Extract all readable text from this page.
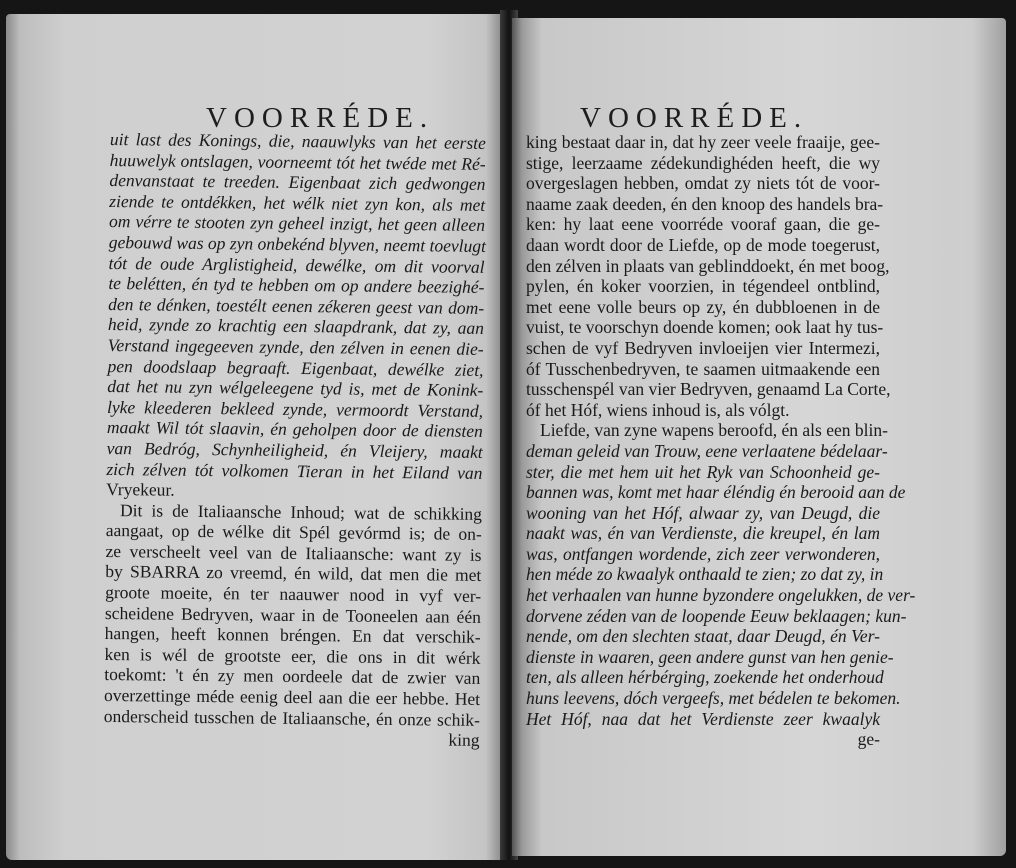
VOORRÉDE.
uit last des Konings, die, naauwlyks van het eerste
huuwelyk ontslagen, voorneemt tót het twéde met Ré-
denvanstaat te treeden. Eigenbaat zich gedwongen
ziende te ontdékken, het wélk niet zyn kon, als met
om vérre te stooten zyn geheel inzigt, het geen alleen
gebouwd was op zyn onbekénd blyven, neemt toevlugt
tót de oude Arglistigheid, dewélke, om dit voorval
te belétten, én tyd te hebben om op andere beezighé-
den te dénken, toestélt eenen zékeren geest van dom-
heid, zynde zo krachtig een slaapdrank, dat zy, aan
Verstand ingegeeven zynde, den zélven in eenen die-
pen doodslaap begraaft. Eigenbaat, dewélke ziet,
dat het nu zyn wélgeleegene tyd is, met de Konink-
lyke kleederen bekleed zynde, vermoordt Verstand,
maakt Wil tót slaavin, én geholpen door de diensten
van Bedróg, Schynheiligheid, én Vleijery, maakt
zich zélven tót volkomen Tieran in het Eiland van
Vryekeur.
Dit is de Italiaansche Inhoud; wat de schikking
aangaat, op de wélke dit Spél gevórmd is; de on-
ze verscheelt veel van de Italiaansche: want zy is
by SBARRA zo vreemd, én wild, dat men die met
groote moeite, én ter naauwer nood in vyf ver-
scheidene Bedryven, waar in de Tooneelen aan één
hangen, heeft konnen bréngen. En dat verschik-
ken is wél de grootste eer, die ons in dit wérk
toekomt: 't én zy men oordeele dat de zwier van
overzettinge méde eenig deel aan die eer hebbe. Het
onderscheid tusschen de Italiaansche, én onze schik-
king
VOORRÉDE.
king bestaat daar in, dat hy zeer veele fraaije, gee-
stige, leerzaame zédekundighéden heeft, die wy
overgeslagen hebben, omdat zy niets tót de voor-
naame zaak deeden, én den knoop des handels bra-
ken: hy laat eene voorréde vooraf gaan, die ge-
daan wordt door de Liefde, op de mode toegerust,
den zélven in plaats van geblinddoekt, én met boog,
pylen, én koker voorzien, in tégendeel ontblind,
met eene volle beurs op zy, én dubbloenen in de
vuist, te voorschyn doende komen; ook laat hy tus-
schen de vyf Bedryven invloeijen vier Intermezi,
óf Tusschenbedryven, te saamen uitmaakende een
tusschenspél van vier Bedryven, genaamd La Corte,
óf het Hóf, wiens inhoud is, als vólgt.
Liefde, van zyne wapens beroofd, én als een blin-
deman geleid van Trouw, eene verlaatene bédelaar-
ster, die met hem uit het Ryk van Schoonheid ge-
bannen was, komt met haar éléndig én berooid aan de
wooning van het Hóf, alwaar zy, van Deugd, die
naakt was, én van Verdienste, die kreupel, én lam
was, ontfangen wordende, zich zeer verwonderen,
hen méde zo kwaalyk onthaald te zien; zo dat zy, in
het verhaalen van hunne byzondere ongelukken, de ver-
dorvene zéden van de loopende Eeuw beklaagen; kun-
nende, om den slechten staat, daar Deugd, én Ver-
dienste in waaren, geen andere gunst van hen genie-
ten, als alleen hérbérging, zoekende het onderhoud
huns leevens, dóch vergeefs, met bédelen te bekomen.
Het Hóf, naa dat het Verdienste zeer kwaalyk
ge-
